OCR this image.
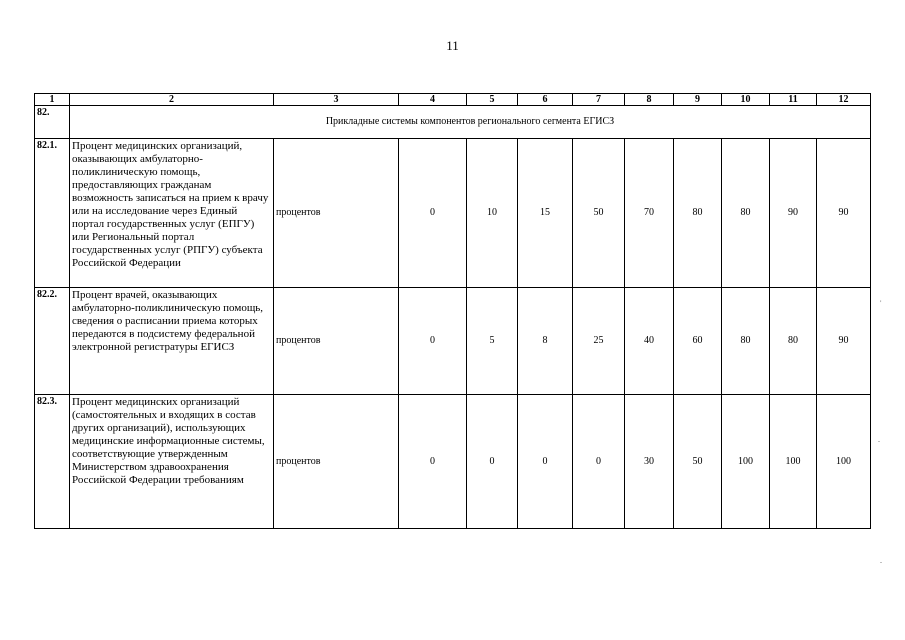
11
1	2	3	4	5	6	7	8	9	10	11	12
82.	Прикладные системы компонентов регионального сегмента ЕГИСЗ										
82.1.	Процент медицинских организаций, оказывающих амбулаторно-поликлиническую помощь, предоставляющих гражданам возможность записаться на прием к врачу или на исследование через Единый портал государственных услуг (ЕПГУ) или Региональный портал государственных услуг (РПГУ) субъекта Российской Федерации	процентов	0	10	15	50	70	80	80	90	90
82.2.	Процент врачей, оказывающих амбулаторно-поликлиническую помощь, сведения о расписании приема которых передаются в подсистему федеральной электронной регистратуры ЕГИСЗ	процентов	0	5	8	25	40	60	80	80	90
82.3.	Процент медицинских организаций (самостоятельных и входящих в состав других организаций), использующих медицинские информационные системы, соответствующие утвержденным Министерством здравоохранения Российской Федерации требованиям	процентов	0	0	0	0	30	50	100	100	100
,
-
-
